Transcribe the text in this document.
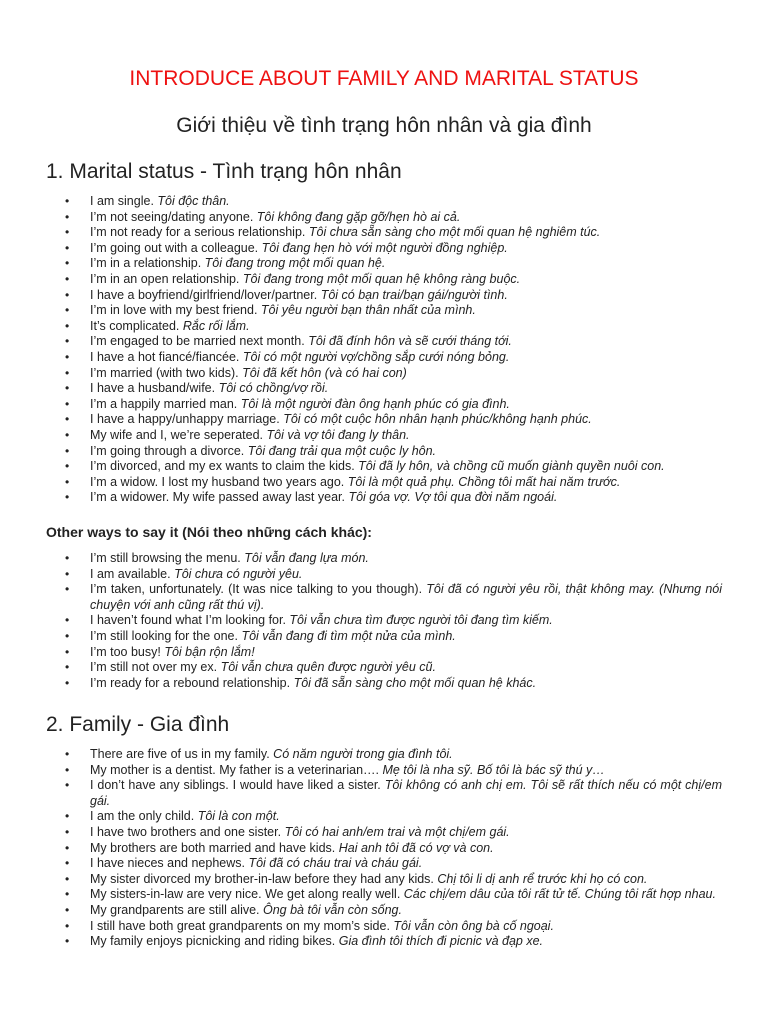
INTRODUCE ABOUT FAMILY AND MARITAL STATUS
Giới thiệu về tình trạng hôn nhân và gia đình
1. Marital status - Tình trạng hôn nhân
• I am single. Tôi độc thân.
• I’m not seeing/dating anyone. Tôi không đang gặp gỡ/hẹn hò ai cả.
• I’m not ready for a serious relationship. Tôi chưa sẵn sàng cho một mối quan hệ nghiêm túc.
• I’m going out with a colleague. Tôi đang hẹn hò với một người đồng nghiệp.
• I’m in a relationship. Tôi đang trong một mối quan hệ.
• I’m in an open relationship. Tôi đang trong một mối quan hệ không ràng buộc.
• I have a boyfriend/girlfriend/lover/partner. Tôi có bạn trai/bạn gái/người tình.
• I’m in love with my best friend. Tôi yêu người bạn thân nhất của mình.
• It’s complicated. Rắc rối lắm.
• I’m engaged to be married next month. Tôi đã đính hôn và sẽ cưới tháng tới.
• I have a hot fiancé/fiancée. Tôi có một người vợ/chồng sắp cưới nóng bỏng.
• I’m married (with two kids). Tôi đã kết hôn (và có hai con)
• I have a husband/wife. Tôi có chồng/vợ rồi.
• I’m a happily married man. Tôi là một người đàn ông hạnh phúc có gia đình.
• I have a happy/unhappy marriage. Tôi có một cuộc hôn nhân hạnh phúc/không hạnh phúc.
• My wife and I, we’re seperated. Tôi và vợ tôi đang ly thân.
• I’m going through a divorce. Tôi đang trải qua một cuộc ly hôn.
• I’m divorced, and my ex wants to claim the kids. Tôi đã ly hôn, và chồng cũ muốn giành quyền nuôi con.
• I’m a widow. I lost my husband two years ago. Tôi là một quả phụ. Chồng tôi mất hai năm trước.
• I’m a widower. My wife passed away last year. Tôi góa vợ. Vợ tôi qua đời năm ngoái.
Other ways to say it (Nói theo những cách khác):
• I’m still browsing the menu. Tôi vẫn đang lựa món.
• I am available. Tôi chưa có người yêu.
• I’m taken, unfortunately. (It was nice talking to you though). Tôi đã có người yêu rồi, thật không may. (Nhưng nói chuyện với anh cũng rất thú vị).
• I haven’t found what I’m looking for. Tôi vẫn chưa tìm được người tôi đang tìm kiếm.
• I’m still looking for the one. Tôi vẫn đang đi tìm một nửa của mình.
• I’m too busy! Tôi bận rộn lắm!
• I’m still not over my ex. Tôi vẫn chưa quên được người yêu cũ.
• I’m ready for a rebound relationship. Tôi đã sẵn sàng cho một mối quan hệ khác.
2. Family - Gia đình
• There are five of us in my family. Có năm người trong gia đình tôi.
• My mother is a dentist. My father is a veterinarian…. Mẹ tôi là nha sỹ. Bố tôi là bác sỹ thú y…
• I don’t have any siblings. I would have liked a sister. Tôi không có anh chị em. Tôi sẽ rất thích nếu có một chị/em gái.
• I am the only child. Tôi là con một.
• I have two brothers and one sister. Tôi có hai anh/em trai và một chị/em gái.
• My brothers are both married and have kids. Hai anh tôi đã có vợ và con.
• I have nieces and nephews. Tôi đã có cháu trai và cháu gái.
• My sister divorced my brother-in-law before they had any kids. Chị tôi li dị anh rể trước khi họ có con.
• My sisters-in-law are very nice. We get along really well. Các chị/em dâu của tôi rất tử tế. Chúng tôi rất hợp nhau.
• My grandparents are still alive. Ông bà tôi vẫn còn sống.
• I still have both great grandparents on my mom’s side. Tôi vẫn còn ông bà cố ngoại.
• My family enjoys picnicking and riding bikes. Gia đình tôi thích đi picnic và đạp xe.
